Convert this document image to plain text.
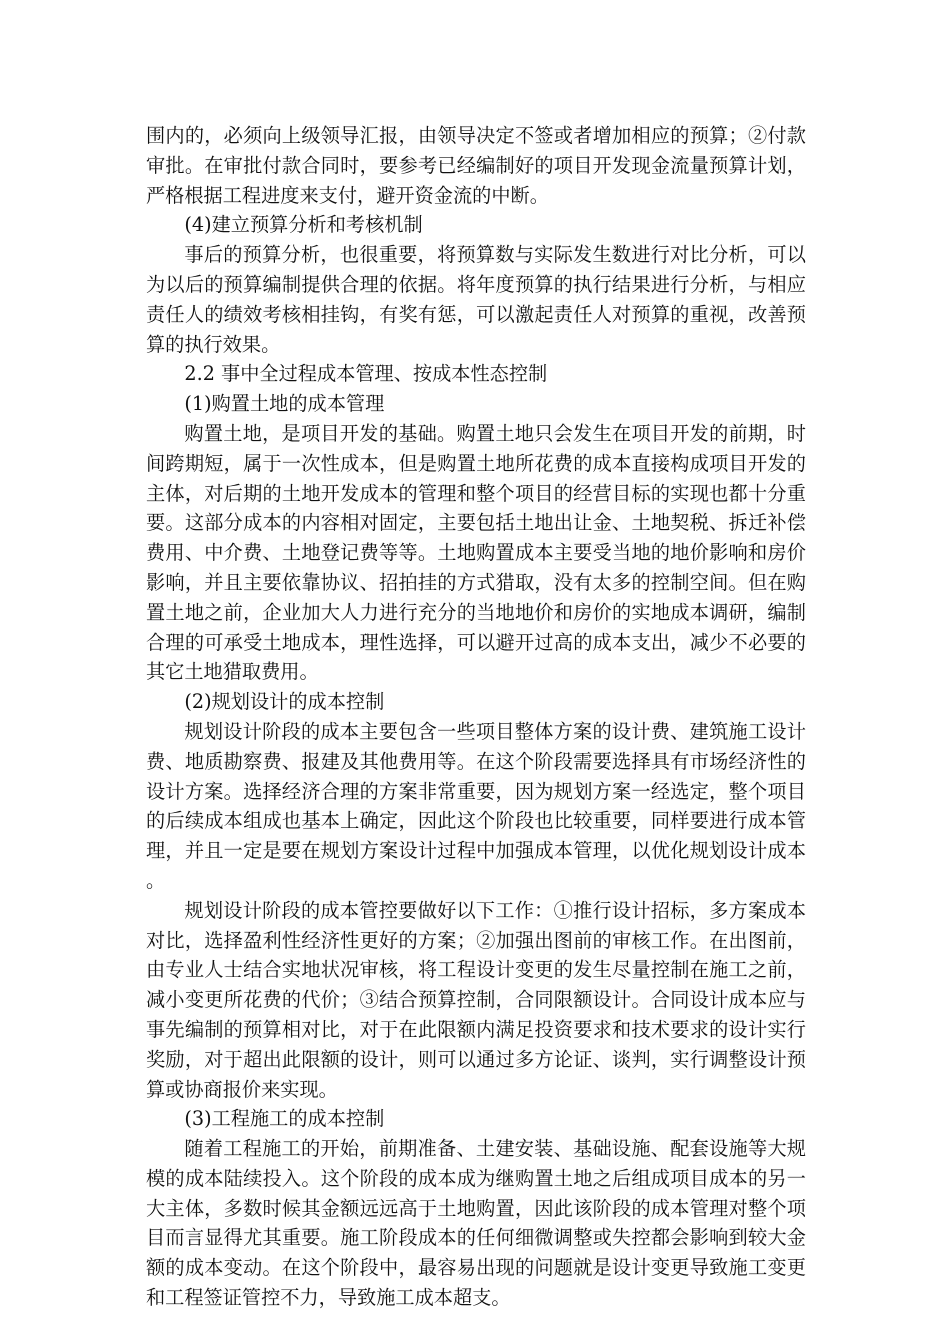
围内的，必须向上级领导汇报，由领导决定不签或者增加相应的预算；②付款审批。在审批付款合同时，要参考已经编制好的项目开发现金流量预算计划，严格根据工程进度来支付，避开资金流的中断。

(4)建立预算分析和考核机制

事后的预算分析，也很重要，将预算数与实际发生数进行对比分析，可以为以后的预算编制提供合理的依据。将年度预算的执行结果进行分析，与相应责任人的绩效考核相挂钩，有奖有惩，可以激起责任人对预算的重视，改善预算的执行效果。

2.2 事中全过程成本管理、按成本性态控制

(1)购置土地的成本管理

购置土地，是项目开发的基础。购置土地只会发生在项目开发的前期，时间跨期短，属于一次性成本，但是购置土地所花费的成本直接构成项目开发的主体，对后期的土地开发成本的管理和整个项目的经营目标的实现也都十分重要。这部分成本的内容相对固定，主要包括土地出让金、土地契税、拆迁补偿费用、中介费、土地登记费等等。土地购置成本主要受当地的地价影响和房价影响，并且主要依靠协议、招拍挂的方式猎取，没有太多的控制空间。但在购置土地之前，企业加大人力进行充分的当地地价和房价的实地成本调研，编制合理的可承受土地成本，理性选择，可以避开过高的成本支出，减少不必要的其它土地猎取费用。

(2)规划设计的成本控制

规划设计阶段的成本主要包含一些项目整体方案的设计费、建筑施工设计费、地质勘察费、报建及其他费用等。在这个阶段需要选择具有市场经济性的设计方案。选择经济合理的方案非常重要，因为规划方案一经选定，整个项目的后续成本组成也基本上确定，因此这个阶段也比较重要，同样要进行成本管理，并且一定是要在规划方案设计过程中加强成本管理，以优化规划设计成本。

规划设计阶段的成本管控要做好以下工作：①推行设计招标，多方案成本对比，选择盈利性经济性更好的方案；②加强出图前的审核工作。在出图前，由专业人士结合实地状况审核，将工程设计变更的发生尽量控制在施工之前，减小变更所花费的代价；③结合预算控制，合同限额设计。合同设计成本应与事先编制的预算相对比，对于在此限额内满足投资要求和技术要求的设计实行奖励，对于超出此限额的设计，则可以通过多方论证、谈判，实行调整设计预算或协商报价来实现。

(3)工程施工的成本控制

随着工程施工的开始，前期准备、土建安装、基础设施、配套设施等大规模的成本陆续投入。这个阶段的成本成为继购置土地之后组成项目成本的另一大主体，多数时候其金额远远高于土地购置，因此该阶段的成本管理对整个项目而言显得尤其重要。施工阶段成本的任何细微调整或失控都会影响到较大金额的成本变动。在这个阶段中，最容易出现的问题就是设计变更导致施工变更和工程签证管控不力，导致施工成本超支。
